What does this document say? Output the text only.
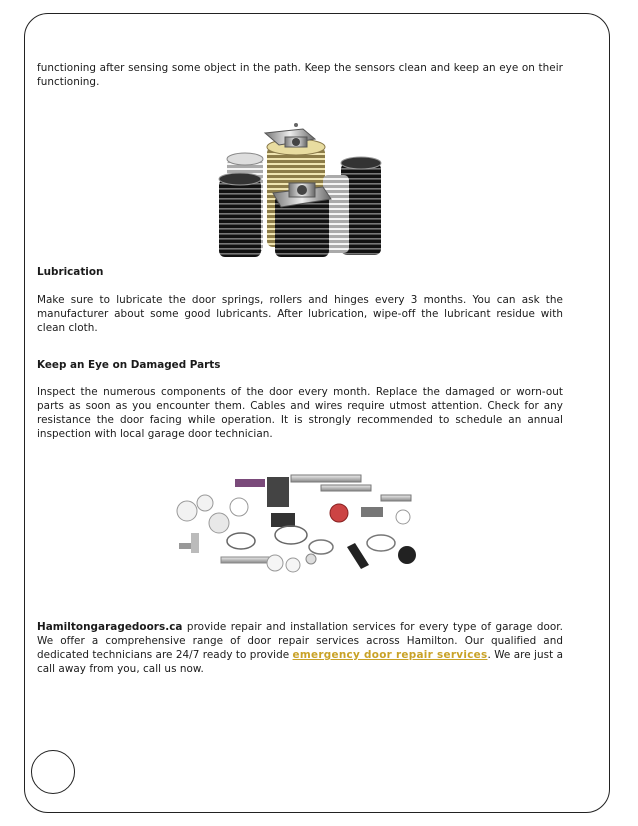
functioning after sensing some object in the path. Keep the sensors clean and keep an eye on their functioning.

Lubrication

Make sure to lubricate the door springs, rollers and hinges every 3 months. You can ask the manufacturer about some good lubricants. After lubrication, wipe-off the lubricant residue with clean cloth.

Keep an Eye on Damaged Parts

Inspect the numerous components of the door every month. Replace the damaged or worn-out parts as soon as you encounter them. Cables and wires require utmost attention. Check for any resistance the door facing while operation. It is strongly recommended to schedule an annual inspection with local garage door technician.

Hamiltongaragedoors.ca provide repair and installation services for every type of garage door. We offer a comprehensive range of door repair services across Hamilton. Our qualified and dedicated technicians are 24/7 ready to provide emergency door repair services. We are just a call away from you, call us now.
